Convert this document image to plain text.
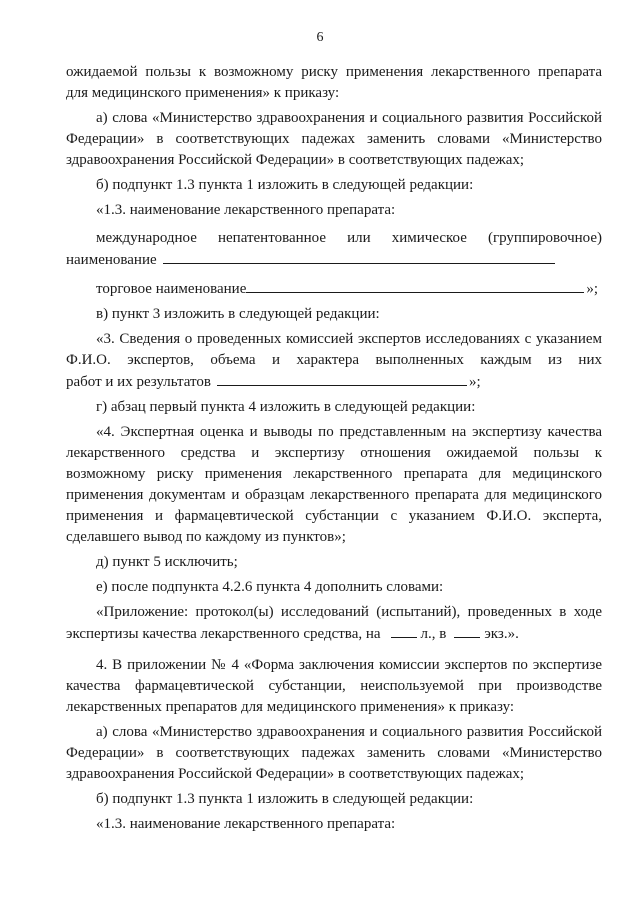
6

ожидаемой пользы к возможному риску применения лекарственного препарата

для медицинского применения» к приказу:

а) слова «Министерство здравоохранения и социального развития Российской Федерации» в соответствующих падежах заменить словами «Министерство здравоохранения Российской Федерации» в соответствующих падежах;

б) подпункт 1.3 пункта 1 изложить в следующей редакции:

«1.3. наименование лекарственного препарата:

международное непатентованное или химическое (группировочное)

наименование
торговое наименование	»;

в) пункт 3 изложить в следующей редакции:

«3. Сведения о проведенных комиссией экспертов исследованиях с указанием Ф.И.О. экспертов, объема и характера выполненных каждым из них

работ и их результатов	»;

г) абзац первый пункта 4 изложить в следующей редакции:

«4. Экспертная оценка и выводы по представленным на экспертизу качества лекарственного средства и экспертизу отношения ожидаемой пользы к возможному риску применения лекарственного препарата для медицинского применения документам и образцам лекарственного препарата для медицинского применения и фармацевтической субстанции с указанием Ф.И.О. эксперта, сделавшего вывод по каждому из пунктов»;

д) пункт 5 исключить;

е) после подпункта 4.2.6 пункта 4 дополнить словами:

«Приложение: протокол(ы) исследований (испытаний), проведенных в ходе

экспертизы качества лекарственного средства, на	л., в	экз.».

4. В приложении № 4 «Форма заключения комиссии экспертов по экспертизе качества фармацевтической субстанции, неиспользуемой при производстве лекарственных препаратов для медицинского применения» к приказу:

а) слова «Министерство здравоохранения и социального развития Российской Федерации» в соответствующих падежах заменить словами «Министерство здравоохранения Российской Федерации» в соответствующих падежах;

б) подпункт 1.3 пункта 1 изложить в следующей редакции:

«1.3. наименование лекарственного препарата:
